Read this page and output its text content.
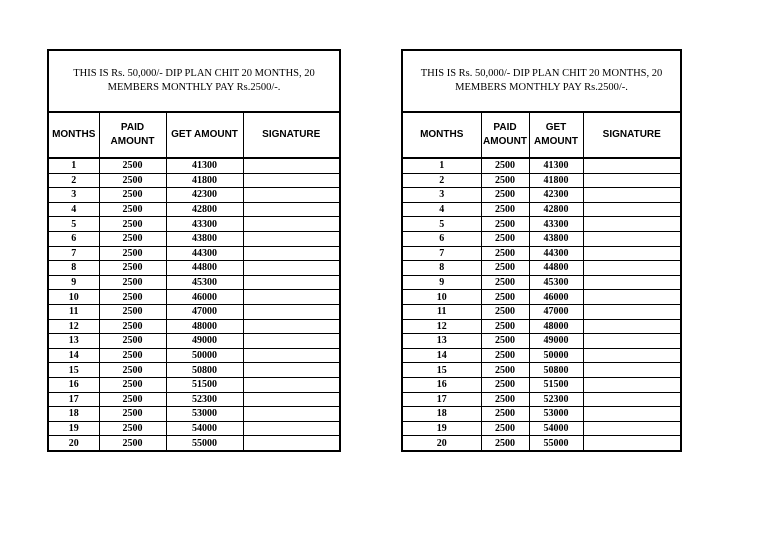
THIS IS Rs. 50,000/- DIP PLAN CHIT 20 MONTHS, 20 MEMBERS MONTHLY PAY Rs.2500/-.
MONTHS	PAID AMOUNT	GET AMOUNT	SIGNATURE
1	2500	41300	
2	2500	41800	
3	2500	42300	
4	2500	42800	
5	2500	43300	
6	2500	43800	
7	2500	44300	
8	2500	44800	
9	2500	45300	
10	2500	46000	
11	2500	47000	
12	2500	48000	
13	2500	49000	
14	2500	50000	
15	2500	50800	
16	2500	51500	
17	2500	52300	
18	2500	53000	
19	2500	54000	
20	2500	55000	
THIS IS Rs. 50,000/- DIP PLAN CHIT 20 MONTHS, 20 MEMBERS MONTHLY PAY Rs.2500/-.
MONTHS	PAID AMOUNT	GET AMOUNT	SIGNATURE
1	2500	41300	
2	2500	41800	
3	2500	42300	
4	2500	42800	
5	2500	43300	
6	2500	43800	
7	2500	44300	
8	2500	44800	
9	2500	45300	
10	2500	46000	
11	2500	47000	
12	2500	48000	
13	2500	49000	
14	2500	50000	
15	2500	50800	
16	2500	51500	
17	2500	52300	
18	2500	53000	
19	2500	54000	
20	2500	55000	
